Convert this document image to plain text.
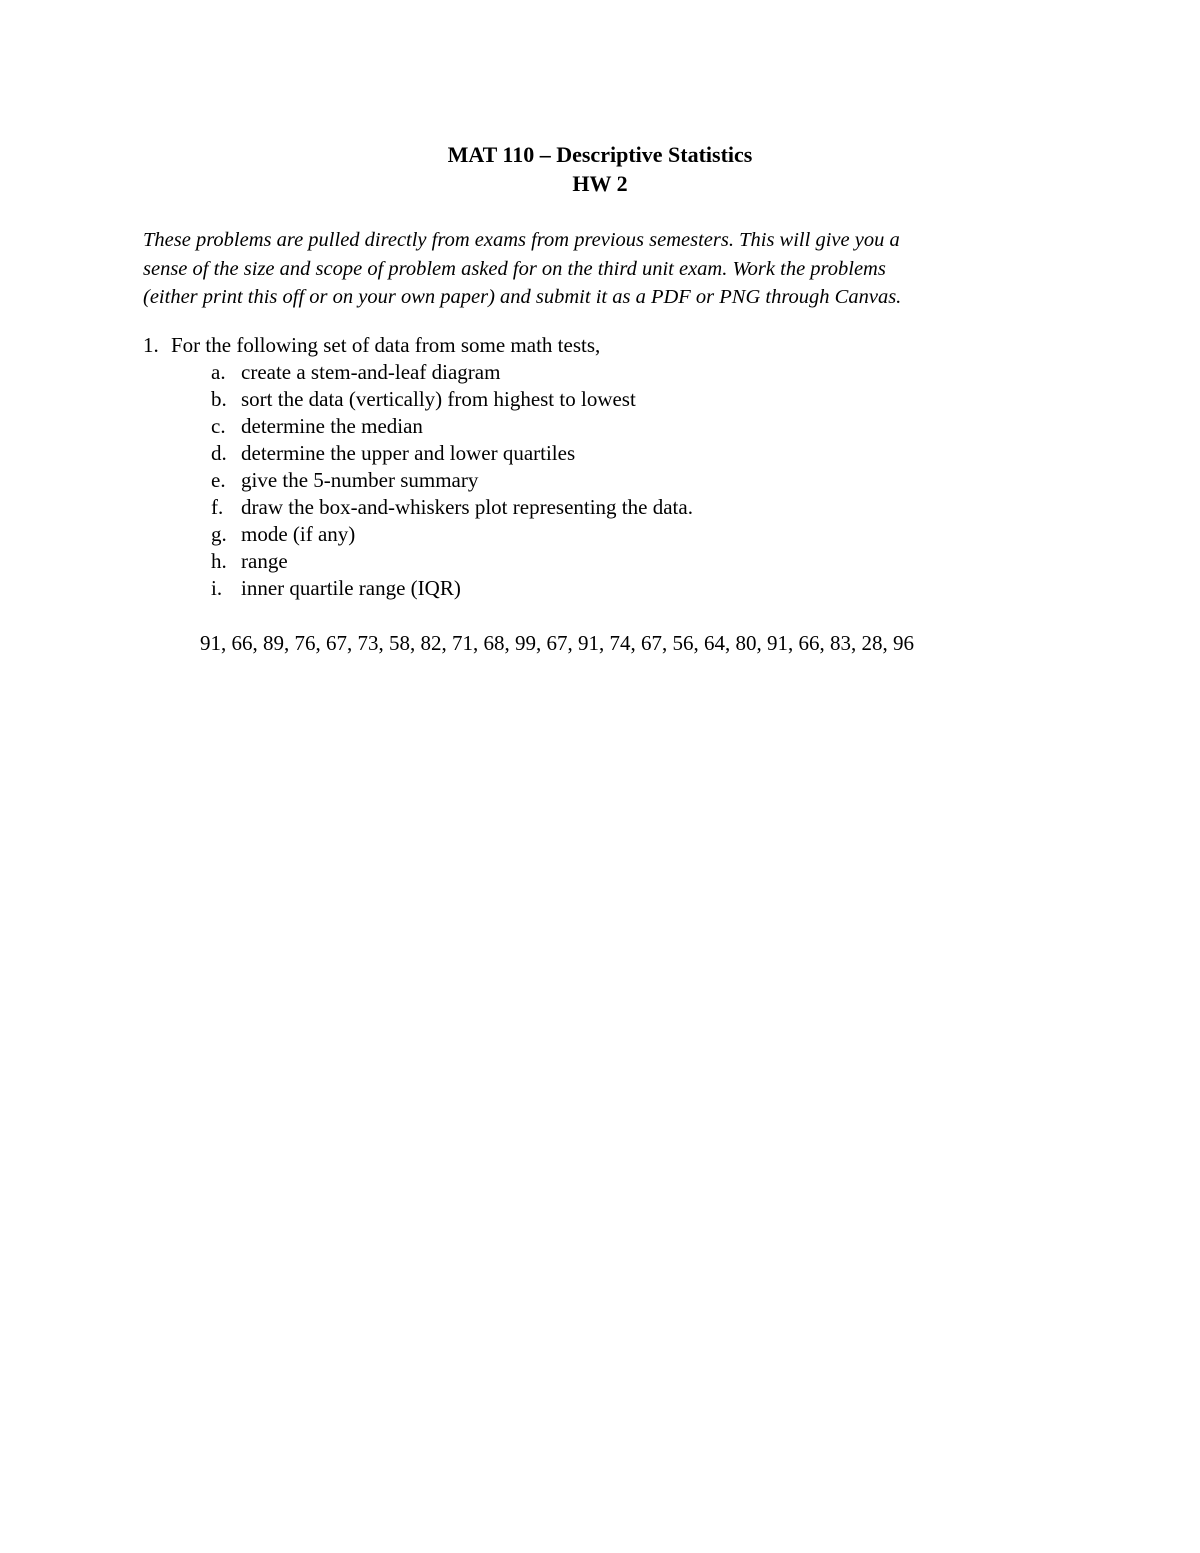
MAT 110 – Descriptive Statistics
HW 2
These problems are pulled directly from exams from previous semesters. This will give you a
sense of the size and scope of problem asked for on the third unit exam. Work the problems
(either print this off or on your own paper) and submit it as a PDF or PNG through Canvas.
1. For the following set of data from some math tests,
a. create a stem-and-leaf diagram
b. sort the data (vertically) from highest to lowest
c. determine the median
d. determine the upper and lower quartiles
e. give the 5-number summary
f. draw the box-and-whiskers plot representing the data.
g. mode (if any)
h. range
i. inner quartile range (IQR)
91, 66, 89, 76, 67, 73, 58, 82, 71, 68, 99, 67, 91, 74, 67, 56, 64, 80, 91, 66, 83, 28, 96
